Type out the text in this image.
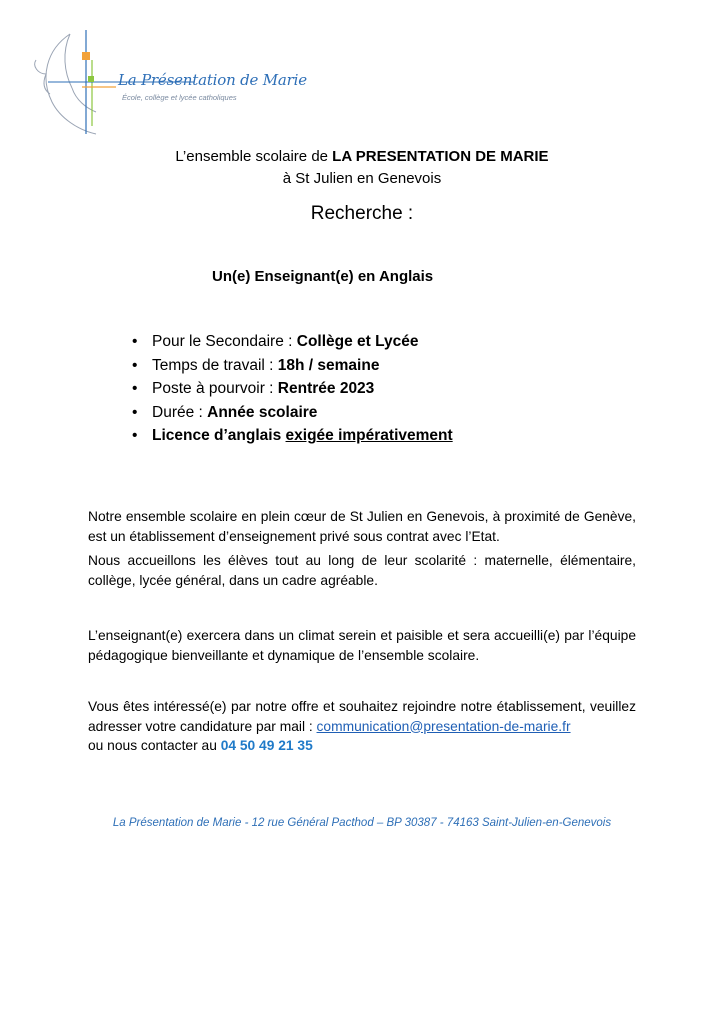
La Présentation de Marie
École, collège et lycée catholiques
L’ensemble scolaire de LA PRESENTATION DE MARIE
à St Julien en Genevois
Recherche :
Un(e) Enseignant(e) en Anglais
• Pour le Secondaire : Collège et Lycée
• Temps de travail : 18h / semaine
• Poste à pourvoir : Rentrée 2023
• Durée : Année scolaire
• Licence d’anglais exigée impérativement
Notre ensemble scolaire en plein cœur de St Julien en Genevois, à proximité de Genève, est un établissement d’enseignement privé sous contrat avec l’Etat.
Nous accueillons les élèves tout au long de leur scolarité : maternelle, élémentaire, collège, lycée général, dans un cadre agréable.
L’enseignant(e) exercera dans un climat serein et paisible et sera accueilli(e) par l’équipe pédagogique bienveillante et dynamique de l’ensemble scolaire.
Vous êtes intéressé(e) par notre offre et souhaitez rejoindre notre établissement, veuillez adresser votre candidature par mail : communication@presentation-de-marie.fr
ou nous contacter au 04 50 49 21 35
La Présentation de Marie - 12 rue Général Pacthod – BP 30387 - 74163 Saint-Julien-en-Genevois
